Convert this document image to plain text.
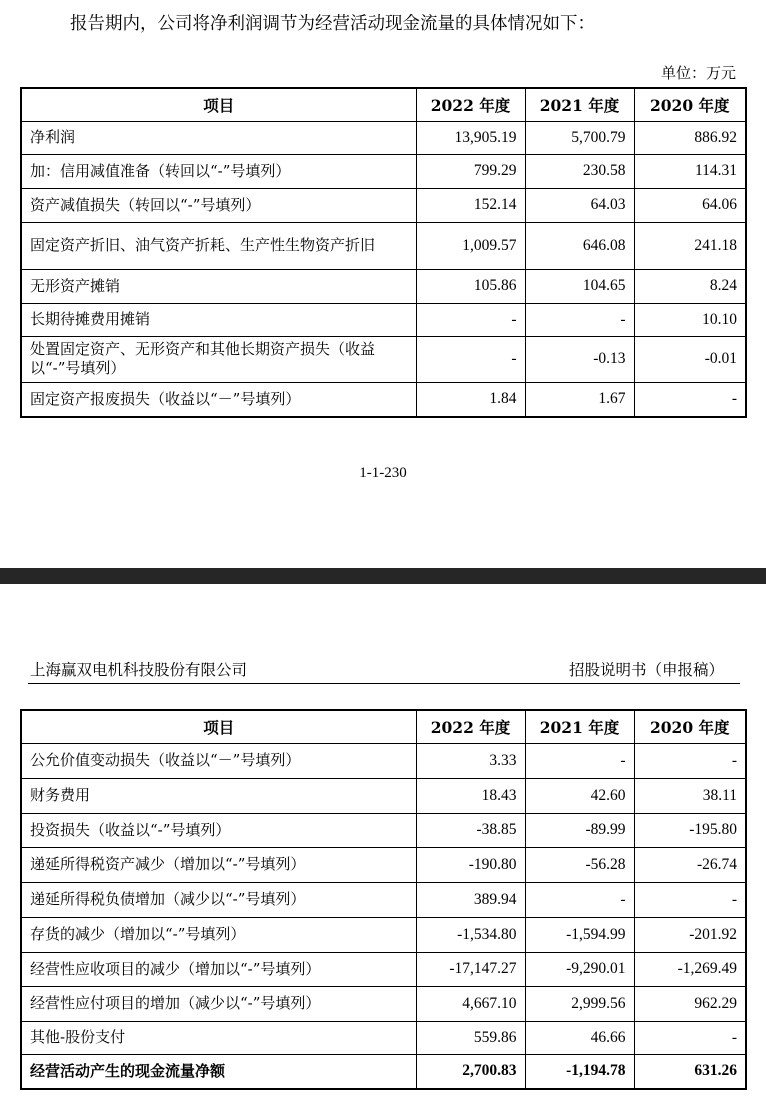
报告期内，公司将净利润调节为经营活动现金流量的具体情况如下：
单位：万元
项目	2022 年度	2021 年度	2020 年度
净利润	13,905.19	5,700.79	886.92
加：信用减值准备（转回以“-”号填列）	799.29	230.58	114.31
资产减值损失（转回以“-”号填列）	152.14	64.03	64.06
固定资产折旧、油气资产折耗、生产性生物资产折旧	1,009.57	646.08	241.18
无形资产摊销	105.86	104.65	8.24
长期待摊费用摊销	-	-	10.10
处置固定资产、无形资产和其他长期资产损失（收益以“-”号填列）	-	-0.13	-0.01
固定资产报废损失（收益以“－”号填列）	1.84	1.67	-
1-1-230
上海赢双电机科技股份有限公司	招股说明书（申报稿）
项目	2022 年度	2021 年度	2020 年度
公允价值变动损失（收益以“－”号填列）	3.33	-	-
财务费用	18.43	42.60	38.11
投资损失（收益以“-”号填列）	-38.85	-89.99	-195.80
递延所得税资产减少（增加以“-”号填列）	-190.80	-56.28	-26.74
递延所得税负债增加（减少以“-”号填列）	389.94	-	-
存货的减少（增加以“-”号填列）	-1,534.80	-1,594.99	-201.92
经营性应收项目的减少（增加以“-”号填列）	-17,147.27	-9,290.01	-1,269.49
经营性应付项目的增加（减少以“-”号填列）	4,667.10	2,999.56	962.29
其他-股份支付	559.86	46.66	-
经营活动产生的现金流量净额	2,700.83	-1,194.78	631.26
